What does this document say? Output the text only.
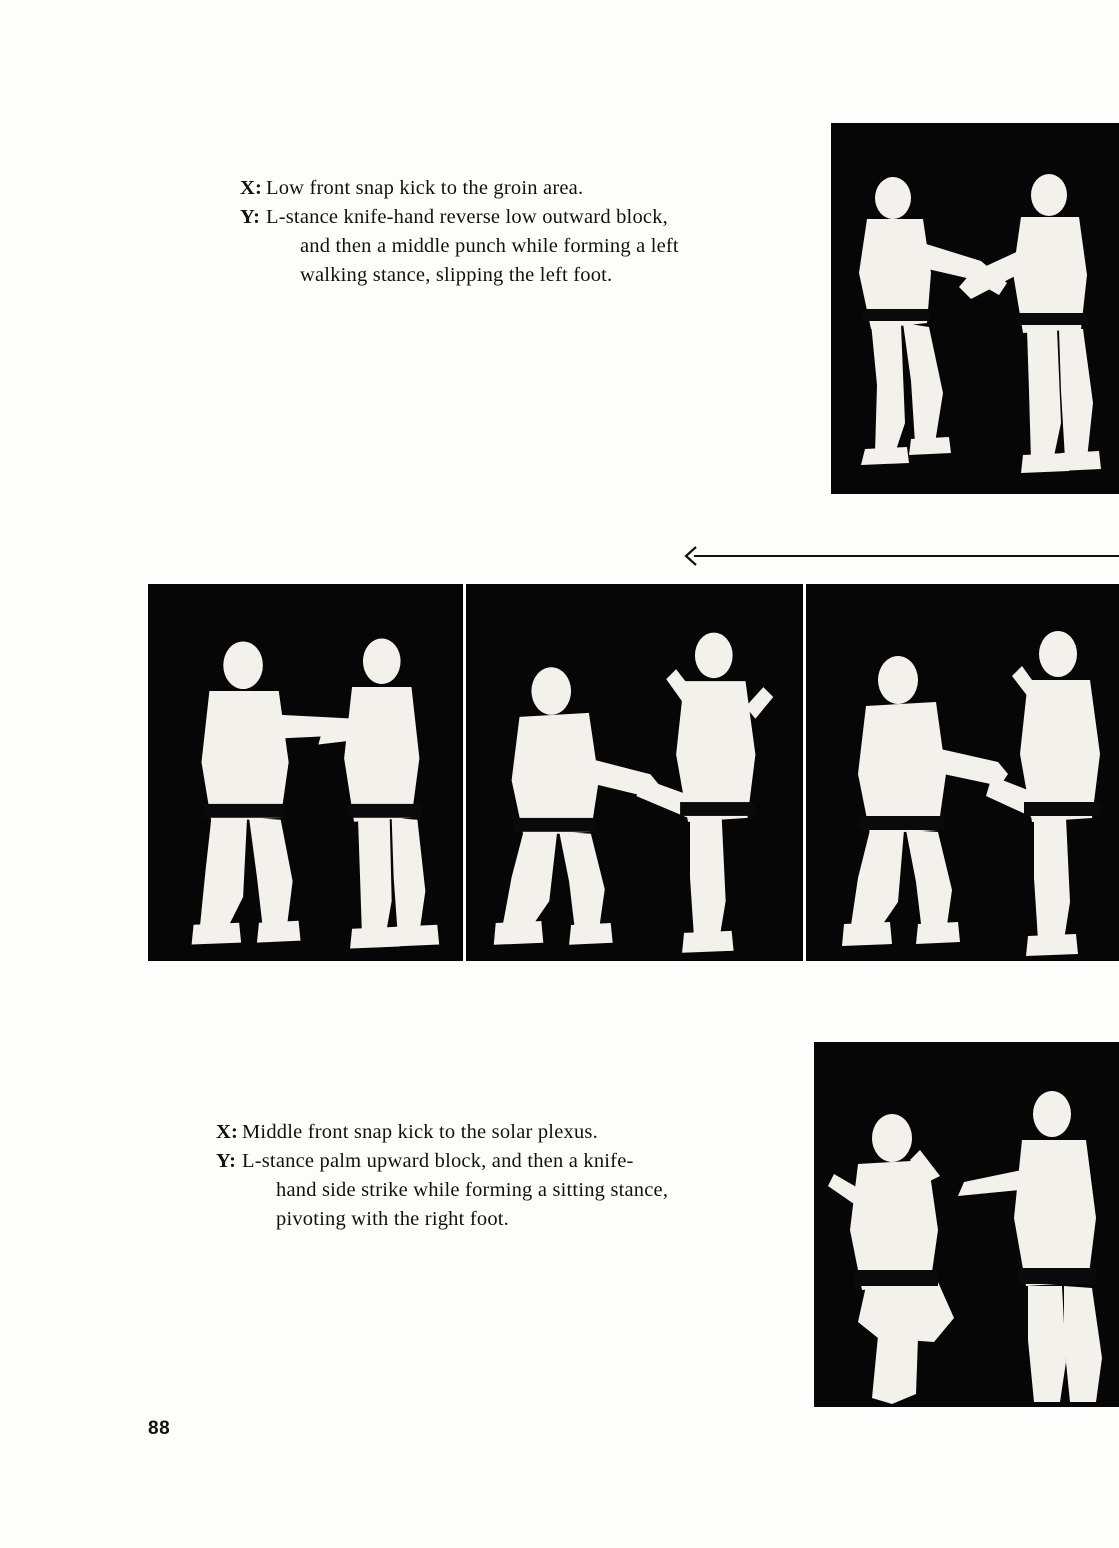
X: Low front snap kick to the groin area.
Y: L-stance knife-hand reverse low outward block,
and then a middle punch while forming a left
walking stance, slipping the left foot.
X: Middle front snap kick to the solar plexus.
Y: L-stance palm upward block, and then a knife-
hand side strike while forming a sitting stance,
pivoting with the right foot.
88
